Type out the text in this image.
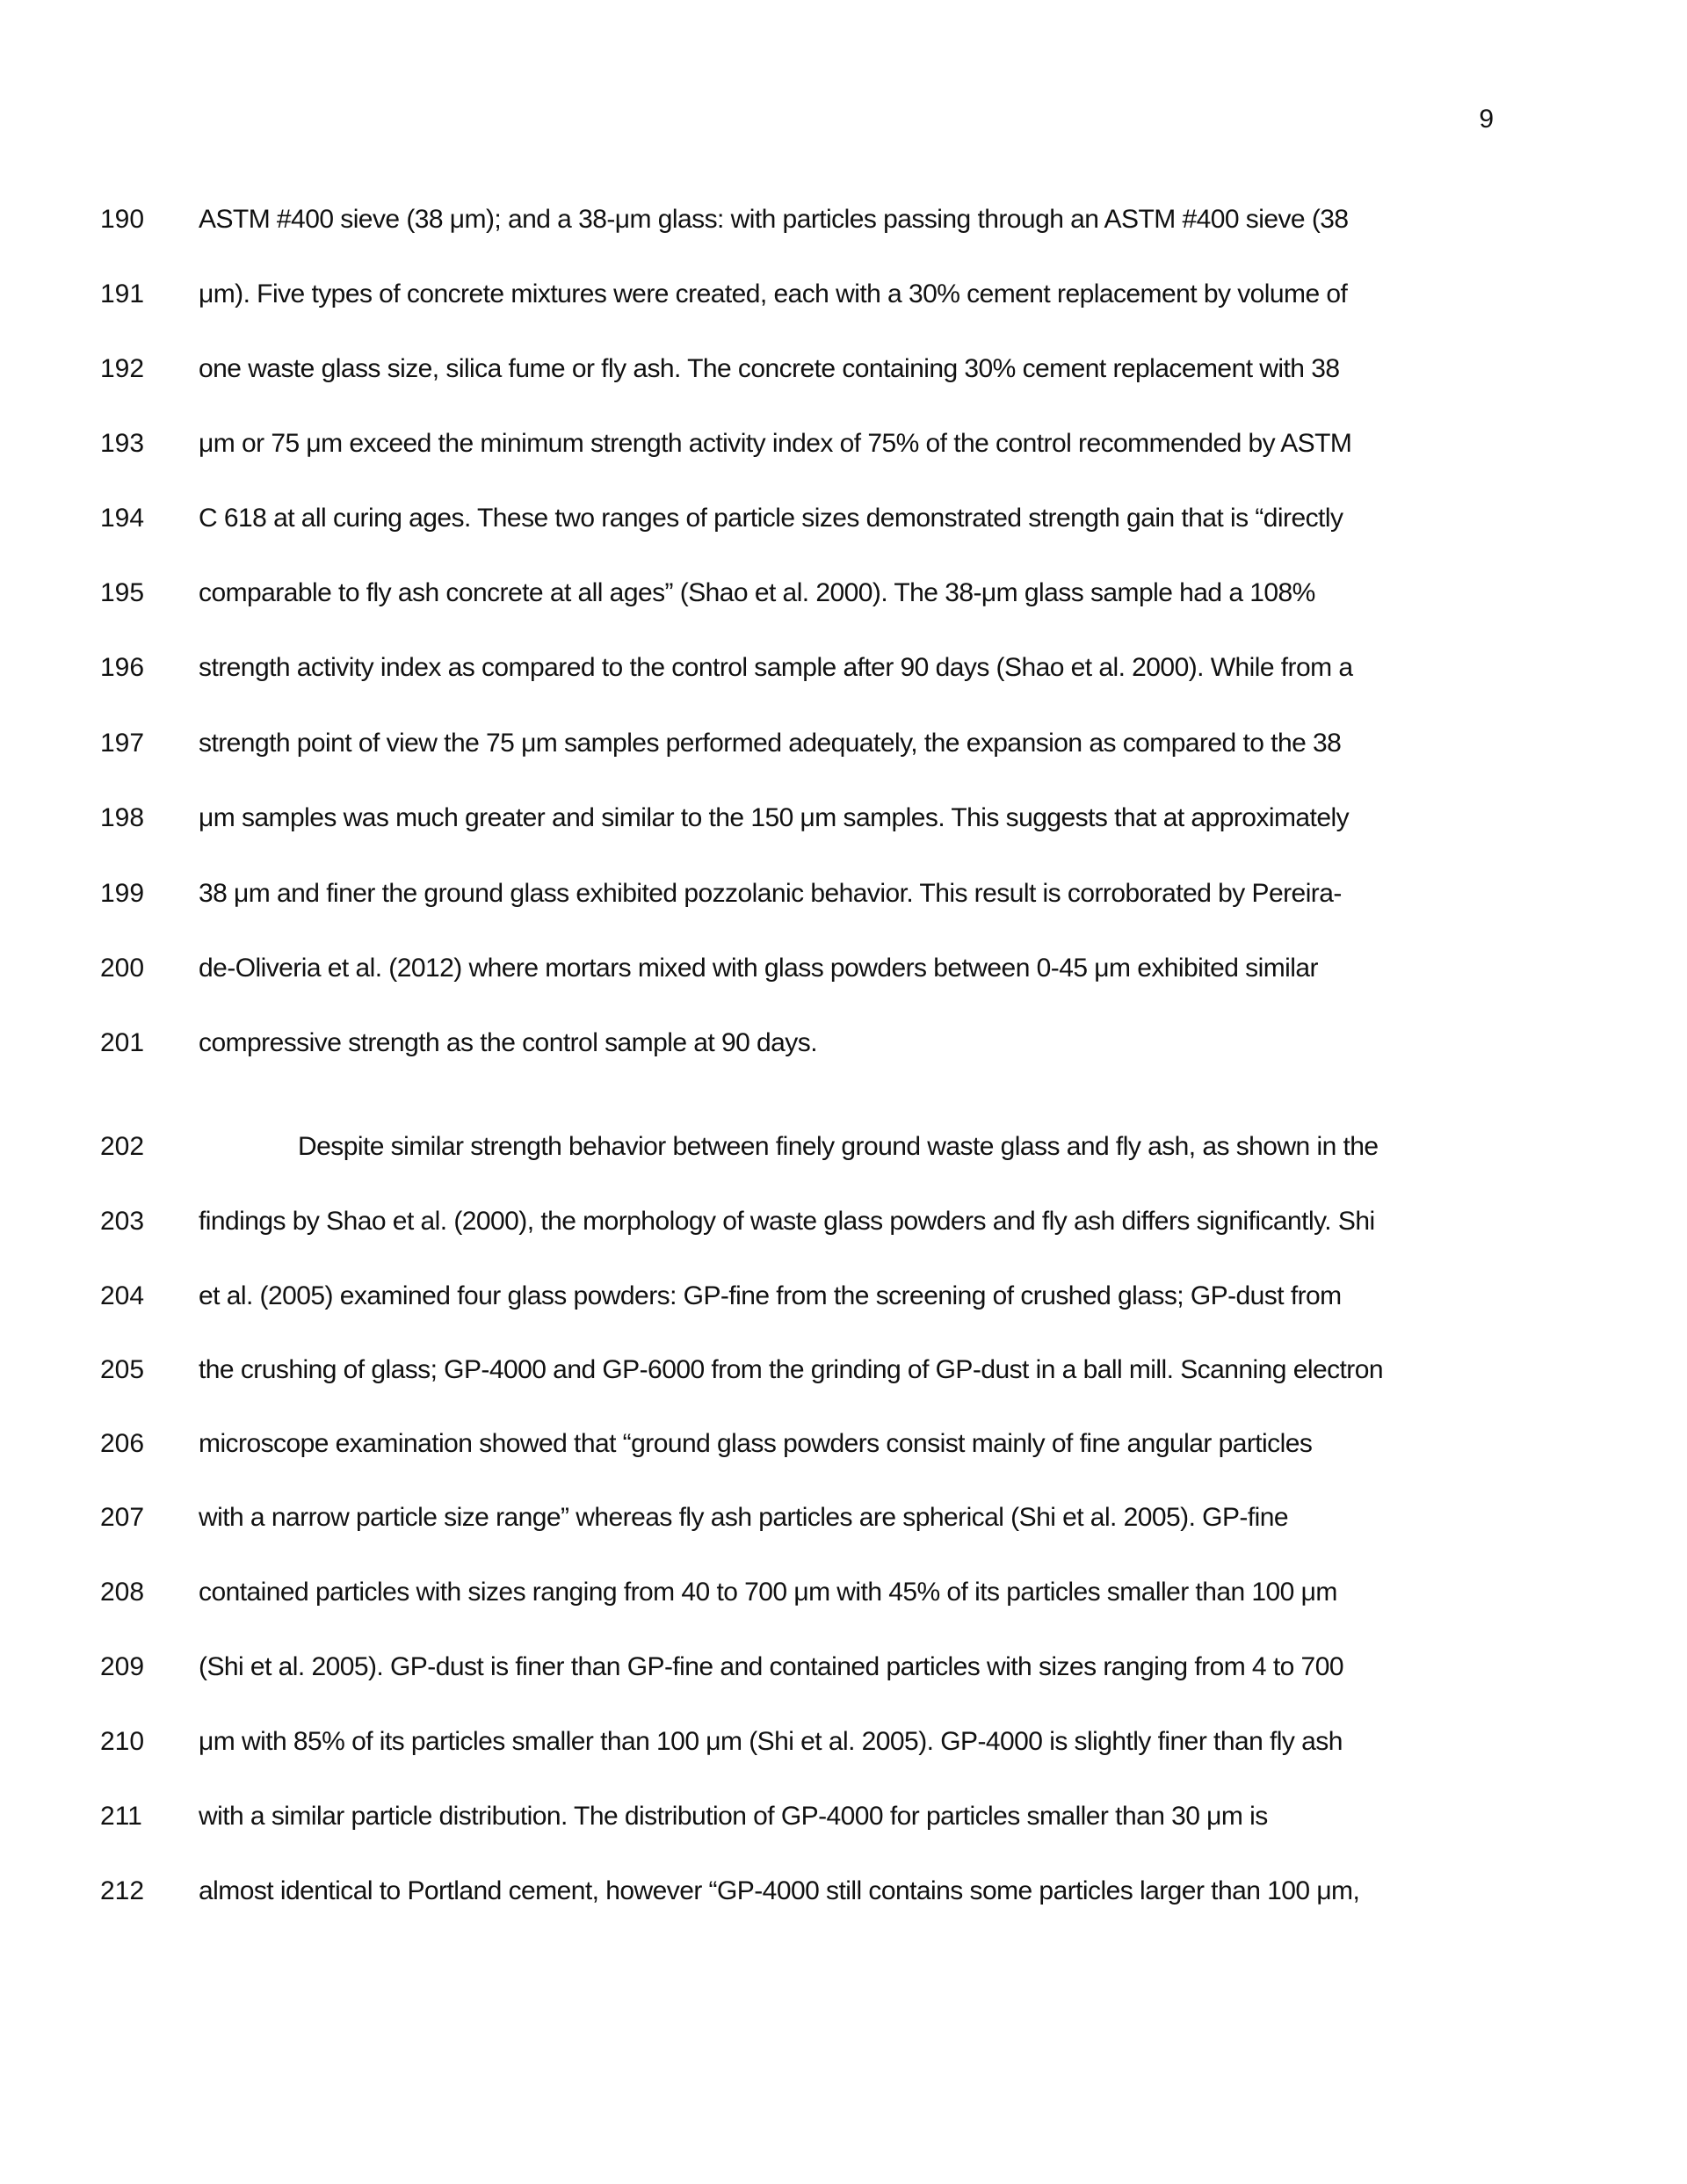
9
190	ASTM #400 sieve (38 μm); and a 38-μm glass: with particles passing through an ASTM #400 sieve (38
191	μm). Five types of concrete mixtures were created, each with a 30% cement replacement by volume of
192	one waste glass size, silica fume or fly ash. The concrete containing 30% cement replacement with 38
193	μm or 75 μm exceed the minimum strength activity index of 75% of the control recommended by ASTM
194	C 618 at all curing ages. These two ranges of particle sizes demonstrated strength gain that is “directly
195	comparable to fly ash concrete at all ages” (Shao et al. 2000). The 38-μm glass sample had a 108%
196	strength activity index as compared to the control sample after 90 days (Shao et al. 2000). While from a
197	strength point of view the 75 μm samples performed adequately, the expansion as compared to the 38
198	μm samples was much greater and similar to the 150 μm samples. This suggests that at approximately
199	38 μm and finer the ground glass exhibited pozzolanic behavior. This result is corroborated by Pereira-
200	de-Oliveria et al. (2012) where mortars mixed with glass powders between 0-45 μm exhibited similar
201	compressive strength as the control sample at 90 days.
202	Despite similar strength behavior between finely ground waste glass and fly ash, as shown in the
203	findings by Shao et al. (2000), the morphology of waste glass powders and fly ash differs significantly. Shi
204	et al. (2005) examined four glass powders: GP-fine from the screening of crushed glass; GP-dust from
205	the crushing of glass; GP-4000 and GP-6000 from the grinding of GP-dust in a ball mill. Scanning electron
206	microscope examination showed that “ground glass powders consist mainly of fine angular particles
207	with a narrow particle size range” whereas fly ash particles are spherical (Shi et al. 2005). GP-fine
208	contained particles with sizes ranging from 40 to 700 μm with 45% of its particles smaller than 100 μm
209	(Shi et al. 2005). GP-dust is finer than GP-fine and contained particles with sizes ranging from 4 to 700
210	μm with 85% of its particles smaller than 100 μm (Shi et al. 2005). GP-4000 is slightly finer than fly ash
211	with a similar particle distribution. The distribution of GP-4000 for particles smaller than 30 μm is
212	almost identical to Portland cement, however “GP-4000 still contains some particles larger than 100 μm,
